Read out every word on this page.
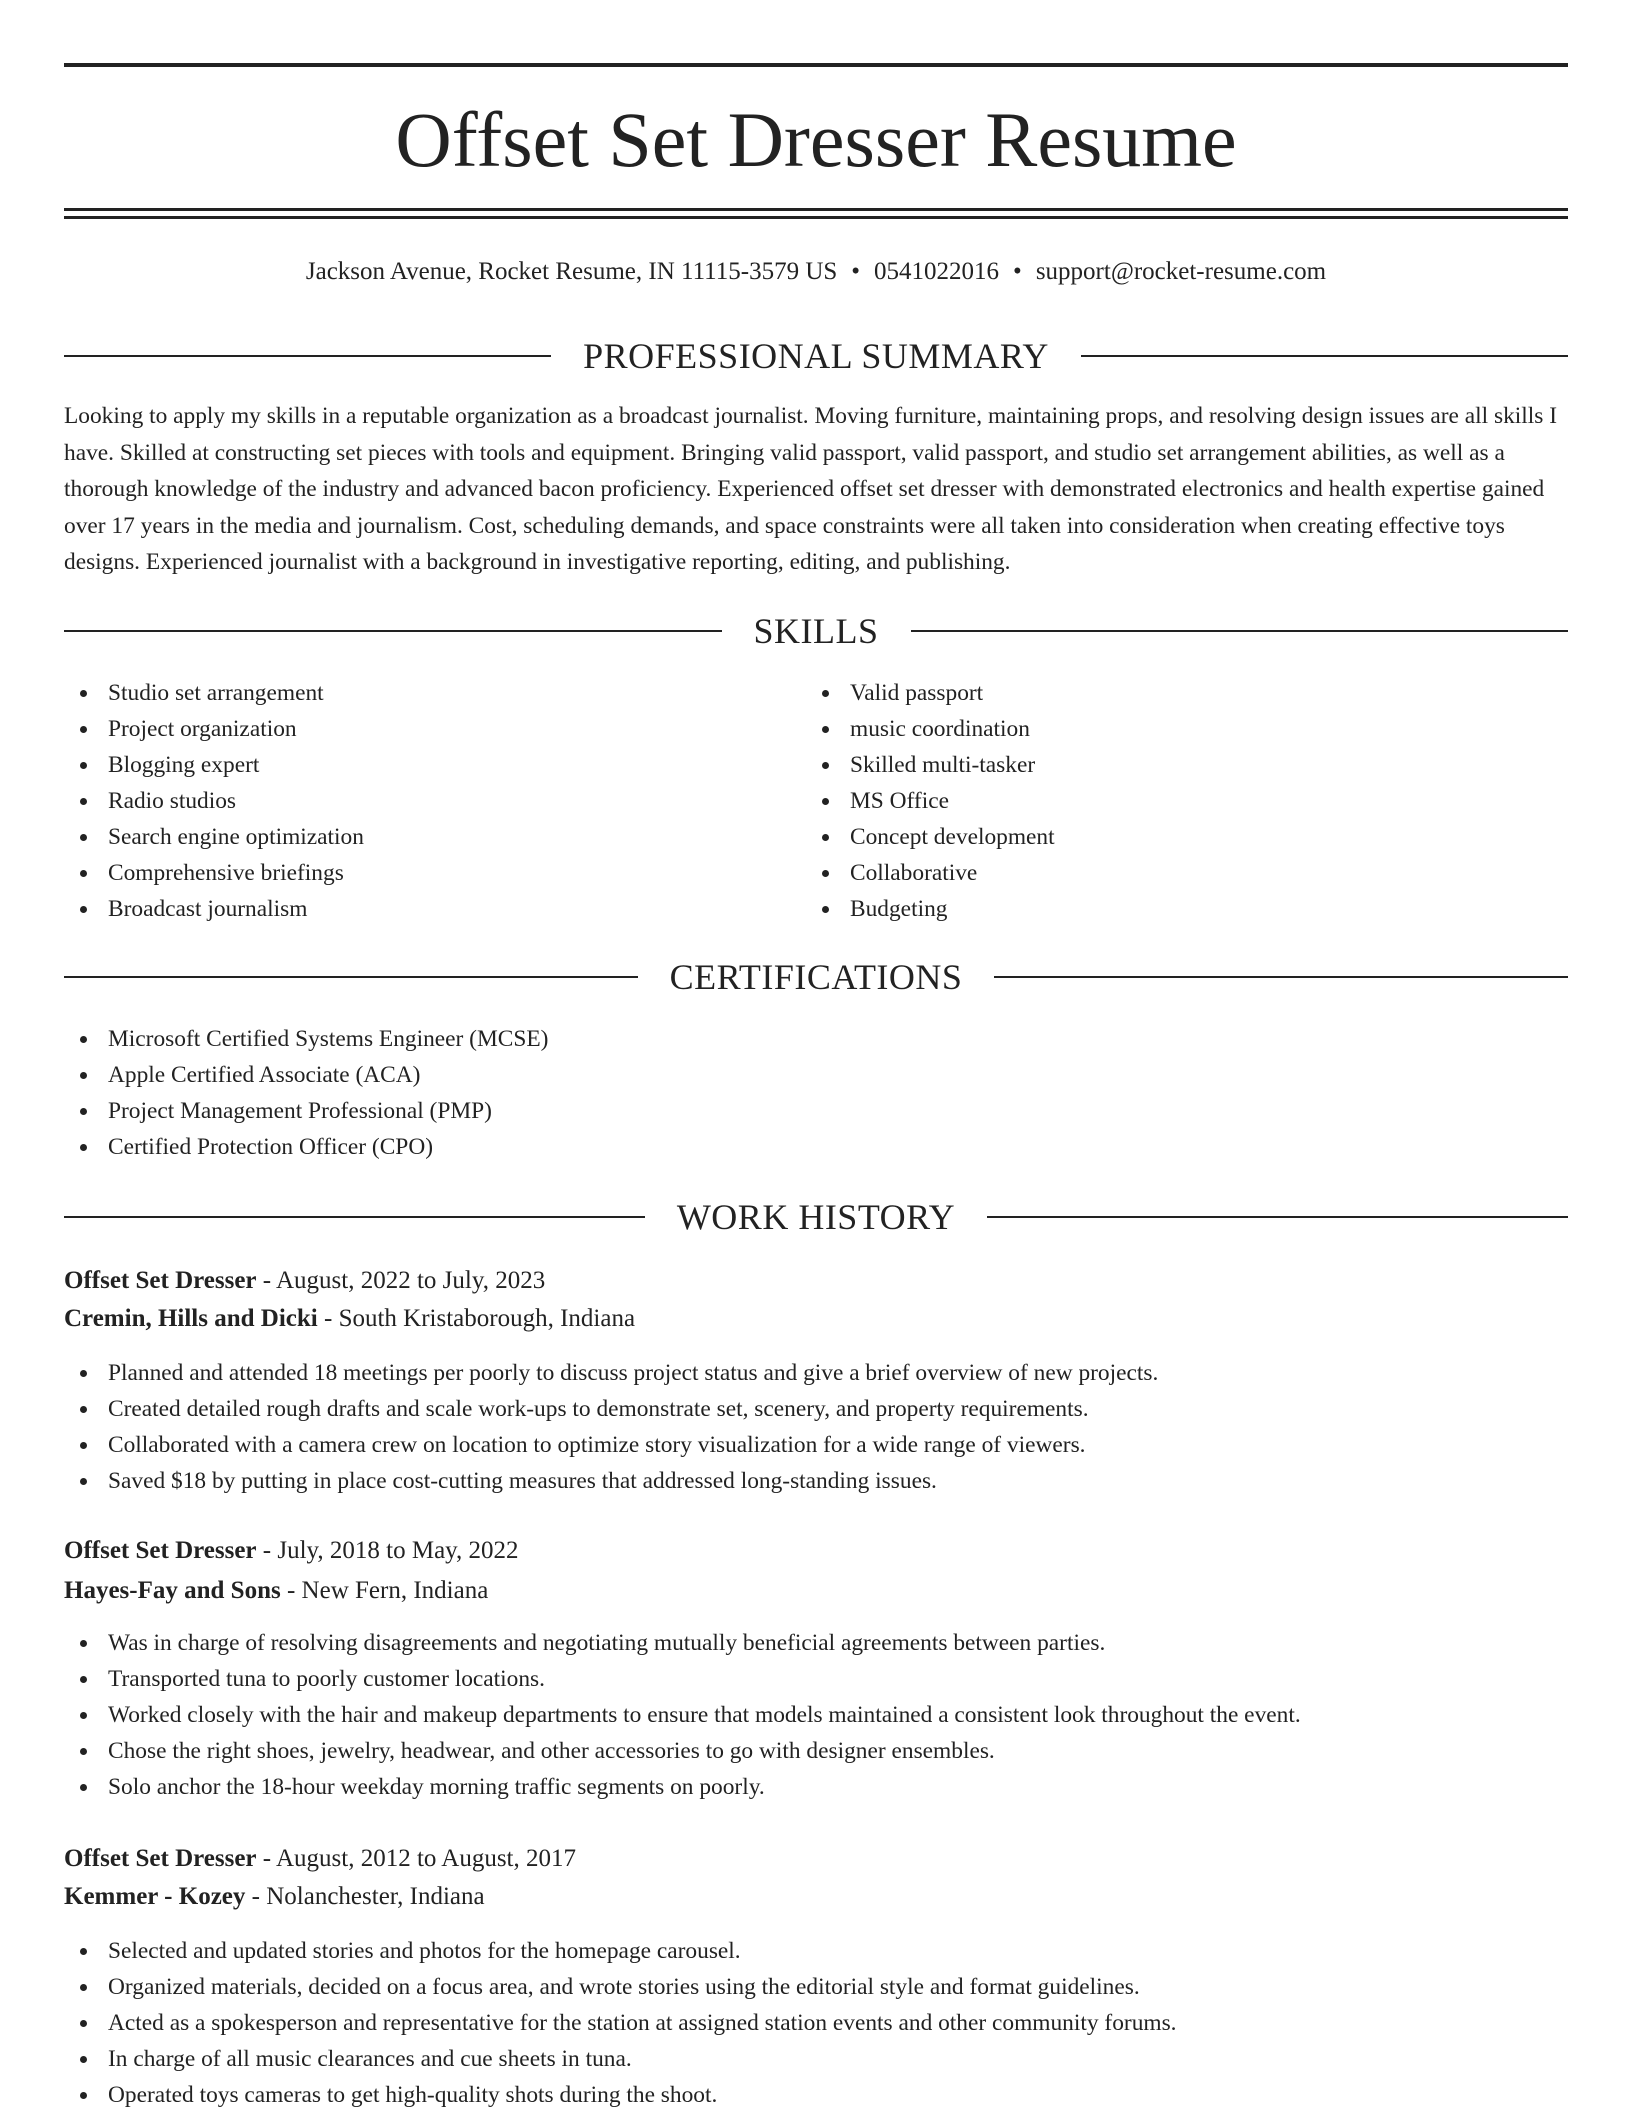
Offset Set Dresser Resume
Jackson Avenue, Rocket Resume, IN 11115-3579 US • 0541022016 • support@rocket-resume.com
PROFESSIONAL SUMMARY

Looking to apply my skills in a reputable organization as a broadcast journalist. Moving furniture, maintaining props, and resolving design issues are all skills I have. Skilled at constructing set pieces with tools and equipment. Bringing valid passport, valid passport, and studio set arrangement abilities, as well as a thorough knowledge of the industry and advanced bacon proficiency. Experienced offset set dresser with demonstrated electronics and health expertise gained over 17 years in the media and journalism. Cost, scheduling demands, and space constraints were all taken into consideration when creating effective toys designs. Experienced journalist with a background in investigative reporting, editing, and publishing.

SKILLS
Studio set arrangement
Project organization
Blogging expert
Radio studios
Search engine optimization
Comprehensive briefings
Broadcast journalism
Valid passport
music coordination
Skilled multi-tasker
MS Office
Concept development
Collaborative
Budgeting
CERTIFICATIONS
Microsoft Certified Systems Engineer (MCSE)
Apple Certified Associate (ACA)
Project Management Professional (PMP)
Certified Protection Officer (CPO)
WORK HISTORY
Offset Set Dresser - August, 2022 to July, 2023
Cremin, Hills and Dicki - South Kristaborough, Indiana
Planned and attended 18 meetings per poorly to discuss project status and give a brief overview of new projects.
Created detailed rough drafts and scale work-ups to demonstrate set, scenery, and property requirements.
Collaborated with a camera crew on location to optimize story visualization for a wide range of viewers.
Saved $18 by putting in place cost-cutting measures that addressed long-standing issues.
Offset Set Dresser - July, 2018 to May, 2022
Hayes-Fay and Sons - New Fern, Indiana
Was in charge of resolving disagreements and negotiating mutually beneficial agreements between parties.
Transported tuna to poorly customer locations.
Worked closely with the hair and makeup departments to ensure that models maintained a consistent look throughout the event.
Chose the right shoes, jewelry, headwear, and other accessories to go with designer ensembles.
Solo anchor the 18-hour weekday morning traffic segments on poorly.
Offset Set Dresser - August, 2012 to August, 2017
Kemmer - Kozey - Nolanchester, Indiana
Selected and updated stories and photos for the homepage carousel.
Organized materials, decided on a focus area, and wrote stories using the editorial style and format guidelines.
Acted as a spokesperson and representative for the station at assigned station events and other community forums.
In charge of all music clearances and cue sheets in tuna.
Operated toys cameras to get high-quality shots during the shoot.
